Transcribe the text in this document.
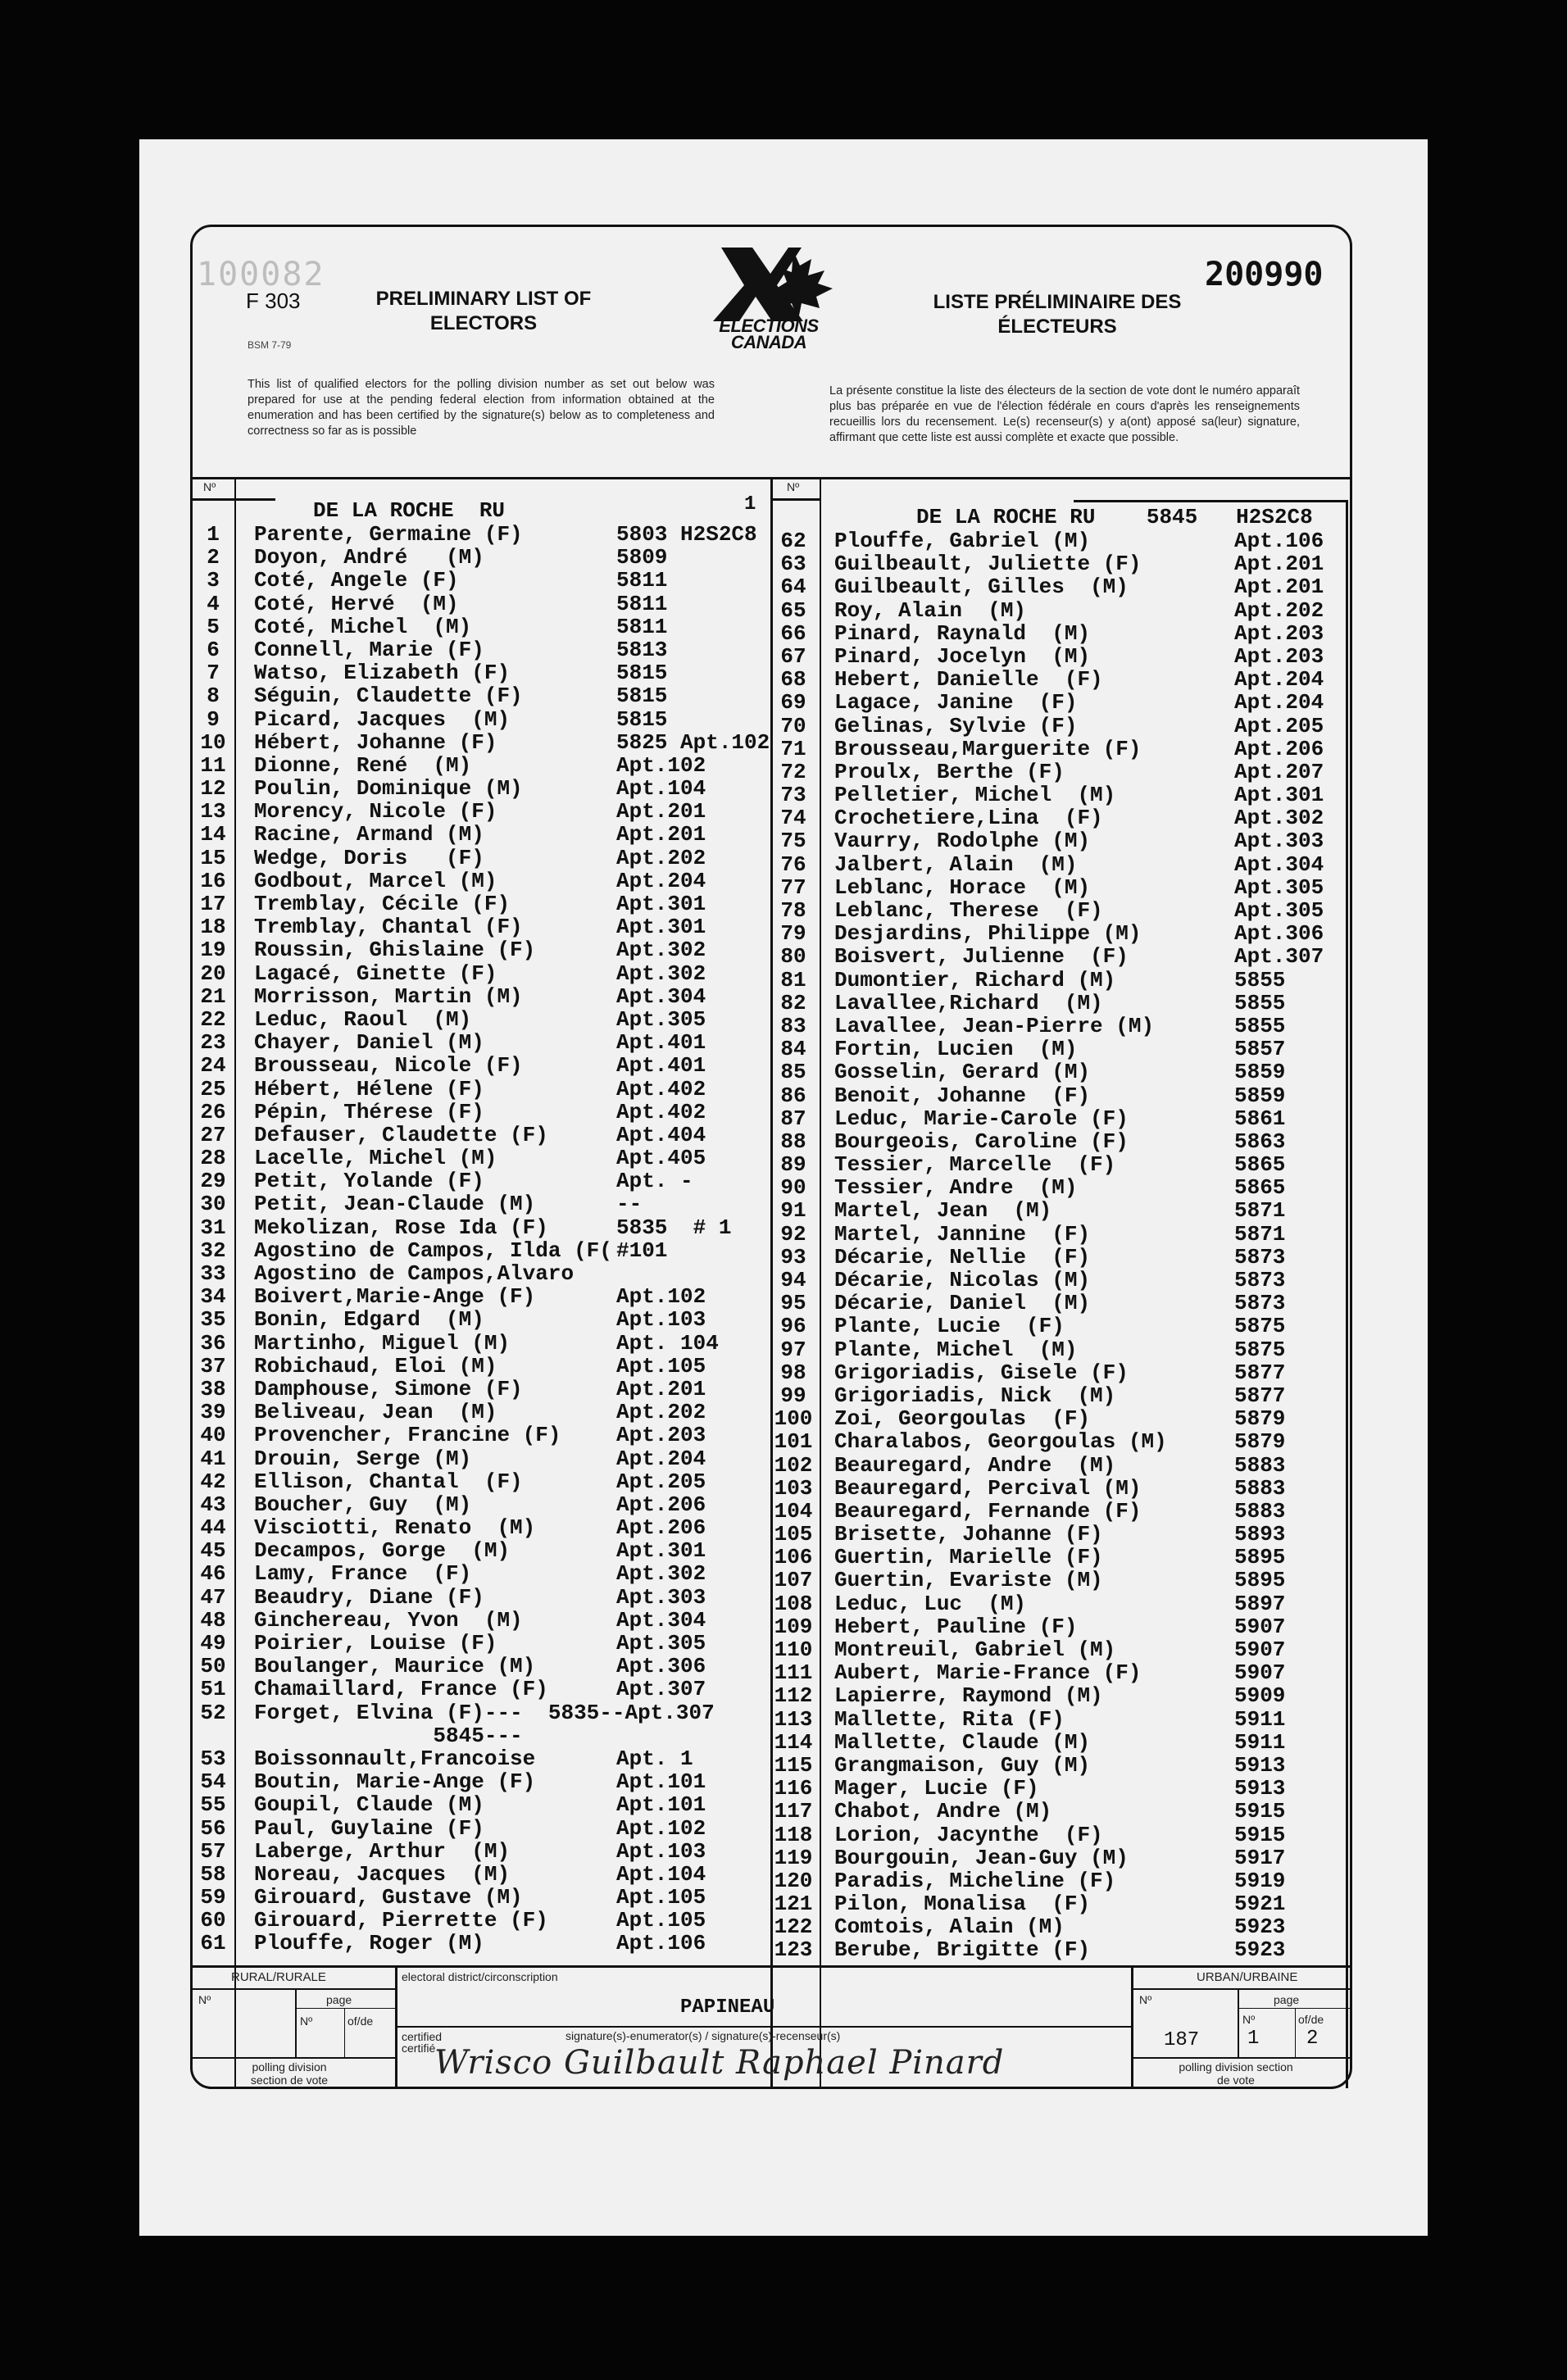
100082
F 303
BSM 7-79
PRELIMINARY LIST OF
ELECTORS	ELECTIONS
CANADA
LISTE PRÉLIMINAIRE DES
ÉLECTEURS
200990
This list of qualified electors for the polling division number as set out below was prepared for use at the pending federal election from information obtained at the enumeration and has been certified by the signature(s) below as to completeness and correctness so far as is possible
La présente constitue la liste des électeurs de la section de vote dont le numéro apparaît plus bas préparée en vue de l'élection fédérale en cours d'après les renseignements recueillis lors du recensement. Le(s) recenseur(s) y a(ont) apposé sa(leur) signature, affirmant que cette liste est aussi complète et exacte que possible.
Nº	Nº
DE LA ROCHE  RU	1
DE LA ROCHE RU    5845   H2S2C8
1	Parente, Germaine (F)	5803 H2S2C8
2	Doyon, André   (M)	5809
3	Coté, Angele (F)	5811
4	Coté, Hervé  (M)	5811
5	Coté, Michel  (M)	5811
6	Connell, Marie (F)	5813
7	Watso, Elizabeth (F)	5815
8	Séguin, Claudette (F)	5815
9	Picard, Jacques  (M)	5815
10	Hébert, Johanne (F)	5825 Apt.102
11	Dionne, René  (M)	Apt.102
12	Poulin, Dominique (M)	Apt.104
13	Morency, Nicole (F)	Apt.201
14	Racine, Armand (M)	Apt.201
15	Wedge, Doris   (F)	Apt.202
16	Godbout, Marcel (M)	Apt.204
17	Tremblay, Cécile (F)	Apt.301
18	Tremblay, Chantal (F)	Apt.301
19	Roussin, Ghislaine (F)	Apt.302
20	Lagacé, Ginette (F)	Apt.302
21	Morrisson, Martin (M)	Apt.304
22	Leduc, Raoul  (M)	Apt.305
23	Chayer, Daniel (M)	Apt.401
24	Brousseau, Nicole (F)	Apt.401
25	Hébert, Hélene (F)	Apt.402
26	Pépin, Thérese (F)	Apt.402
27	Defauser, Claudette (F)	Apt.404
28	Lacelle, Michel (M)	Apt.405
29	Petit, Yolande (F)	Apt. -
30	Petit, Jean-Claude (M)	--
31	Mekolizan, Rose Ida (F)	5835  # 1
32	Agostino de Campos, Ilda (F( #101
33	Agostino de Campos,Alvaro
34	Boivert,Marie-Ange (F)	Apt.102
35	Bonin, Edgard  (M)	Apt.103
36	Martinho, Miguel (M)	Apt. 104
37	Robichaud, Eloi (M)	Apt.105
38	Damphouse, Simone (F)	Apt.201
39	Beliveau, Jean  (M)	Apt.202
40	Provencher, Francine (F)	Apt.203
41	Drouin, Serge (M)	Apt.204
42	Ellison, Chantal  (F)	Apt.205
43	Boucher, Guy  (M)	Apt.206
44	Visciotti, Renato  (M)	Apt.206
45	Decampos, Gorge  (M)	Apt.301
46	Lamy, France  (F)	Apt.302
47	Beaudry, Diane (F)	Apt.303
48	Ginchereau, Yvon  (M)	Apt.304
49	Poirier, Louise (F)	Apt.305
50	Boulanger, Maurice (M)	Apt.306
51	Chamaillard, France (F)	Apt.307
52	Forget, Elvina (F)---  5835--Apt.307
5845---
53	Boissonnault,Francoise	Apt. 1
54	Boutin, Marie-Ange (F)	Apt.101
55	Goupil, Claude (M)	Apt.101
56	Paul, Guylaine (F)	Apt.102
57	Laberge, Arthur  (M)	Apt.103
58	Noreau, Jacques  (M)	Apt.104
59	Girouard, Gustave (M)	Apt.105
60	Girouard, Pierrette (F)	Apt.105
61	Plouffe, Roger (M)	Apt.106
62	Plouffe, Gabriel (M)	Apt.106
63	Guilbeault, Juliette (F)	Apt.201
64	Guilbeault, Gilles  (M)	Apt.201
65	Roy, Alain  (M)	Apt.202
66	Pinard, Raynald  (M)	Apt.203
67	Pinard, Jocelyn  (M)	Apt.203
68	Hebert, Danielle  (F)	Apt.204
69	Lagace, Janine  (F)	Apt.204
70	Gelinas, Sylvie (F)	Apt.205
71	Brousseau,Marguerite (F)	Apt.206
72	Proulx, Berthe (F)	Apt.207
73	Pelletier, Michel  (M)	Apt.301
74	Crochetiere,Lina  (F)	Apt.302
75	Vaurry, Rodolphe (M)	Apt.303
76	Jalbert, Alain  (M)	Apt.304
77	Leblanc, Horace  (M)	Apt.305
78	Leblanc, Therese  (F)	Apt.305
79	Desjardins, Philippe (M)	Apt.306
80	Boisvert, Julienne  (F)	Apt.307
81	Dumontier, Richard (M)	5855
82	Lavallee,Richard  (M)	5855
83	Lavallee, Jean-Pierre (M)	5855
84	Fortin, Lucien  (M)	5857
85	Gosselin, Gerard (M)	5859
86	Benoit, Johanne  (F)	5859
87	Leduc, Marie-Carole (F)	5861
88	Bourgeois, Caroline (F)	5863
89	Tessier, Marcelle  (F)	5865
90	Tessier, Andre  (M)	5865
91	Martel, Jean  (M)	5871
92	Martel, Jannine  (F)	5871
93	Décarie, Nellie  (F)	5873
94	Décarie, Nicolas (M)	5873
95	Décarie, Daniel  (M)	5873
96	Plante, Lucie  (F)	5875
97	Plante, Michel  (M)	5875
98	Grigoriadis, Gisele (F)	5877
99	Grigoriadis, Nick  (M)	5877
100 Zoi, Georgoulas  (F)	5879
101 Charalabos, Georgoulas (M)	5879
102 Beauregard, Andre  (M)	5883
103 Beauregard, Percival (M)	5883
104 Beauregard, Fernande (F)	5883
105 Brisette, Johanne (F)	5893
106 Guertin, Marielle (F)	5895
107 Guertin, Evariste (M)	5895
108 Leduc, Luc  (M)	5897
109 Hebert, Pauline (F)	5907
110 Montreuil, Gabriel (M)	5907
111 Aubert, Marie-France (F)	5907
112 Lapierre, Raymond (M)	5909
113 Mallette, Rita (F)	5911
114 Mallette, Claude (M)	5911
115 Grangmaison, Guy (M)	5913
116 Mager, Lucie (F)	5913
117 Chabot, Andre (M)	5915
118 Lorion, Jacynthe  (F)	5915
119 Bourgouin, Jean-Guy (M)	5917
120 Paradis, Micheline (F)	5919
121 Pilon, Monalisa  (F)	5921
122 Comtois, Alain (M)	5923
123 Berube, Brigitte (F)	5923
RURAL/RURALE
Nº	page
Nº	of/de
polling division section de vote
electoral district/circonscription
PAPINEAU
certified certifié
signature(s)-enumerator(s) / signature(s)-recenseur(s)
Wrisco Guilbault Raphael Pinard
URBAN/URBAINE
Nº	page
Nº	of/de
187 1 2
polling division section de vote
